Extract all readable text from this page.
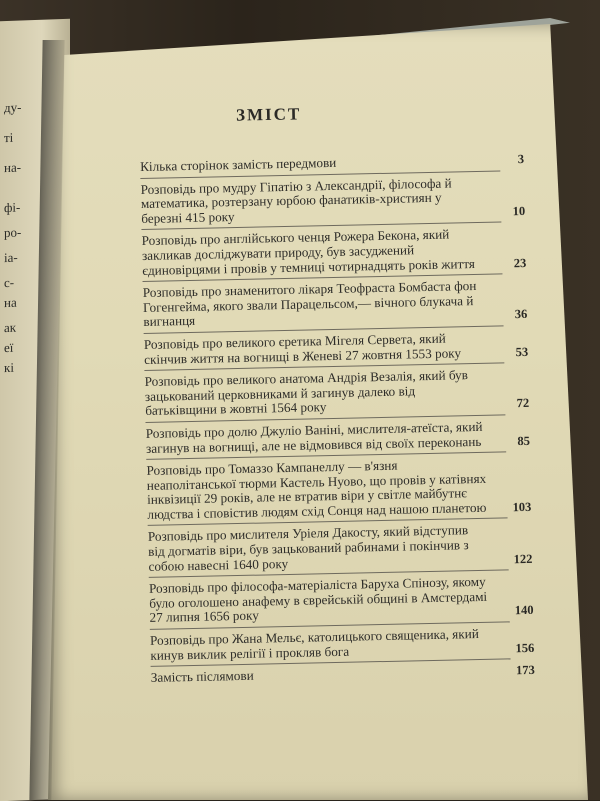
ду-
ті
на-
фі-
ро-
іа-
с-
на
ак
еї
кі
ЗМІСТ
Кілька сторінок замість передмови	3
Розповідь про мудру Гіпатію з Александрії, філософа й математика, розтерзану юрбою фанатиків-християн у березні 415 року	10
Розповідь про англійського ченця Рожера Бекона, який закликав досліджувати природу, був засуджений єдиновірцями і провів у темниці чотирнадцять років життя	23
Розповідь про знаменитого лікаря Теофраста Бомбаста фон Гогенгейма, якого звали Парацельсом,— вічного блукача й вигнанця	36
Розповідь про великого єретика Мігеля Сервета, який скінчив життя на вогнищі в Женеві 27 жовтня 1553 року	53
Розповідь про великого анатома Андрія Везалія, який був зацькований церковниками й загинув далеко від батьківщини в жовтні 1564 року	72
Розповідь про долю Джуліо Ваніні, мислителя-атеїста, який загинув на вогнищі, але не відмовився від своїх переконань	85
Розповідь про Томаззо Кампанеллу — в'язня неаполітанської тюрми Кастель Нуово, що провів у катівнях інквізиції 29 років, але не втратив віри у світле майбутнє людства і сповістив людям схід Сонця над нашою планетою 103
Розповідь про мислителя Уріеля Дакосту, який відступив від догматів віри, був зацькований рабинами і покінчив з собою навесні 1640 року	122
Розповідь про філософа-матеріаліста Баруха Спінозу, якому було оголошено анафему в єврейській общині в Амстердамі 27 липня 1656 року	140
Розповідь про Жана Мельє, католицького священика, який кинув виклик релігії і прокляв бога	156
Замість післямови	173
